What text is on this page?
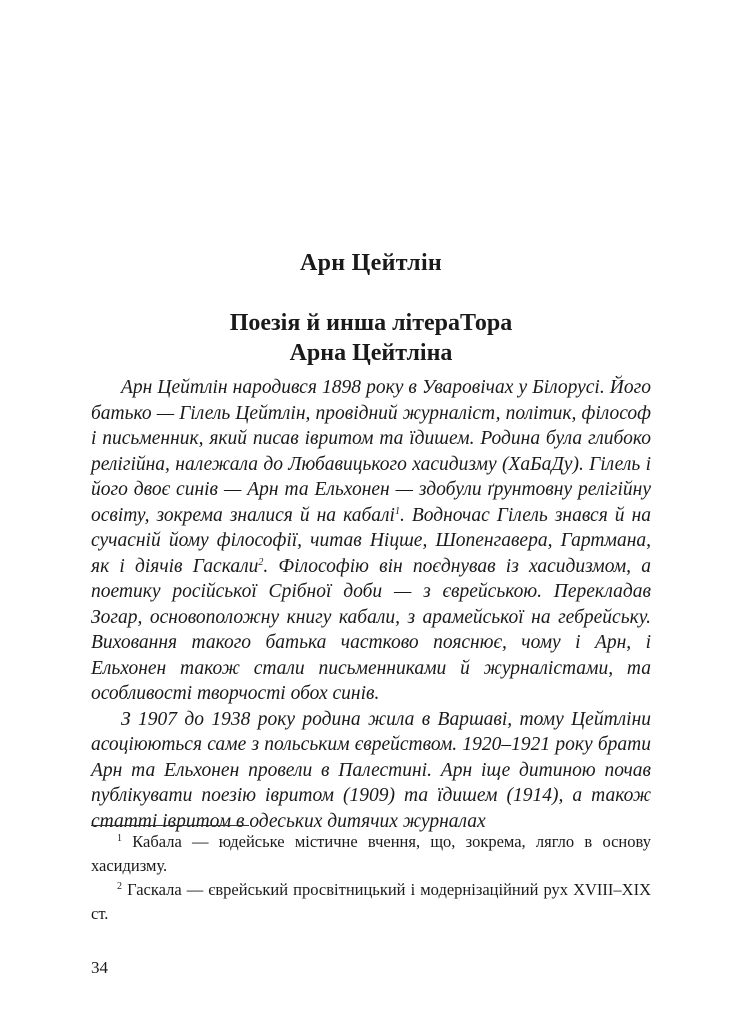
Арн Цейтлін
Поезія й инша літераТора
Арна Цейтліна

Арн Цейтлін народився 1898 року в Уваровічах у Білорусі. Його батько — Гілель Цейтлін, провідний журналіст, політик, філософ і письменник, який писав івритом та їдишем. Родина була глибоко релігійна, належала до Любавицького хасидизму (ХаБаДу). Гілель і його двоє синів — Арн та Ельхонен — здобули ґрунтовну релігійну освіту, зокрема зналися й на кабалі$^1$. Водночас Гілель знався й на сучасній йому філософії, читав Ніцше, Шопенгавера, Гартмана, як і діячів Гаскали$^2$. Філософію він поєднував із хасидизмом, а поетику російської Срібної доби — з єврейською. Перекладав Зогар, основоположну книгу кабали, з арамейської на гебрейську. Виховання такого батька частково пояснює, чому і Арн, і Ельхонен також стали письменниками й журналістами, та особливості творчості обох синів.

З 1907 до 1938 року родина жила в Варшаві, тому Цейтліни асоціюються саме з польським єврейством. 1920–1921 року брати Арн та Ельхонен провели в Палестині. Арн іще дитиною почав публікувати поезію івритом (1909) та їдишем (1914), а також статті івритом в одеських дитячих журналах

$^1$ Кабала — юдейське містичне вчення, що, зокрема, лягло в основу хасидизму.

$^2$ Гаскала — єврейський просвітницький і модернізаційний рух XVIII–XIX ст.

34
